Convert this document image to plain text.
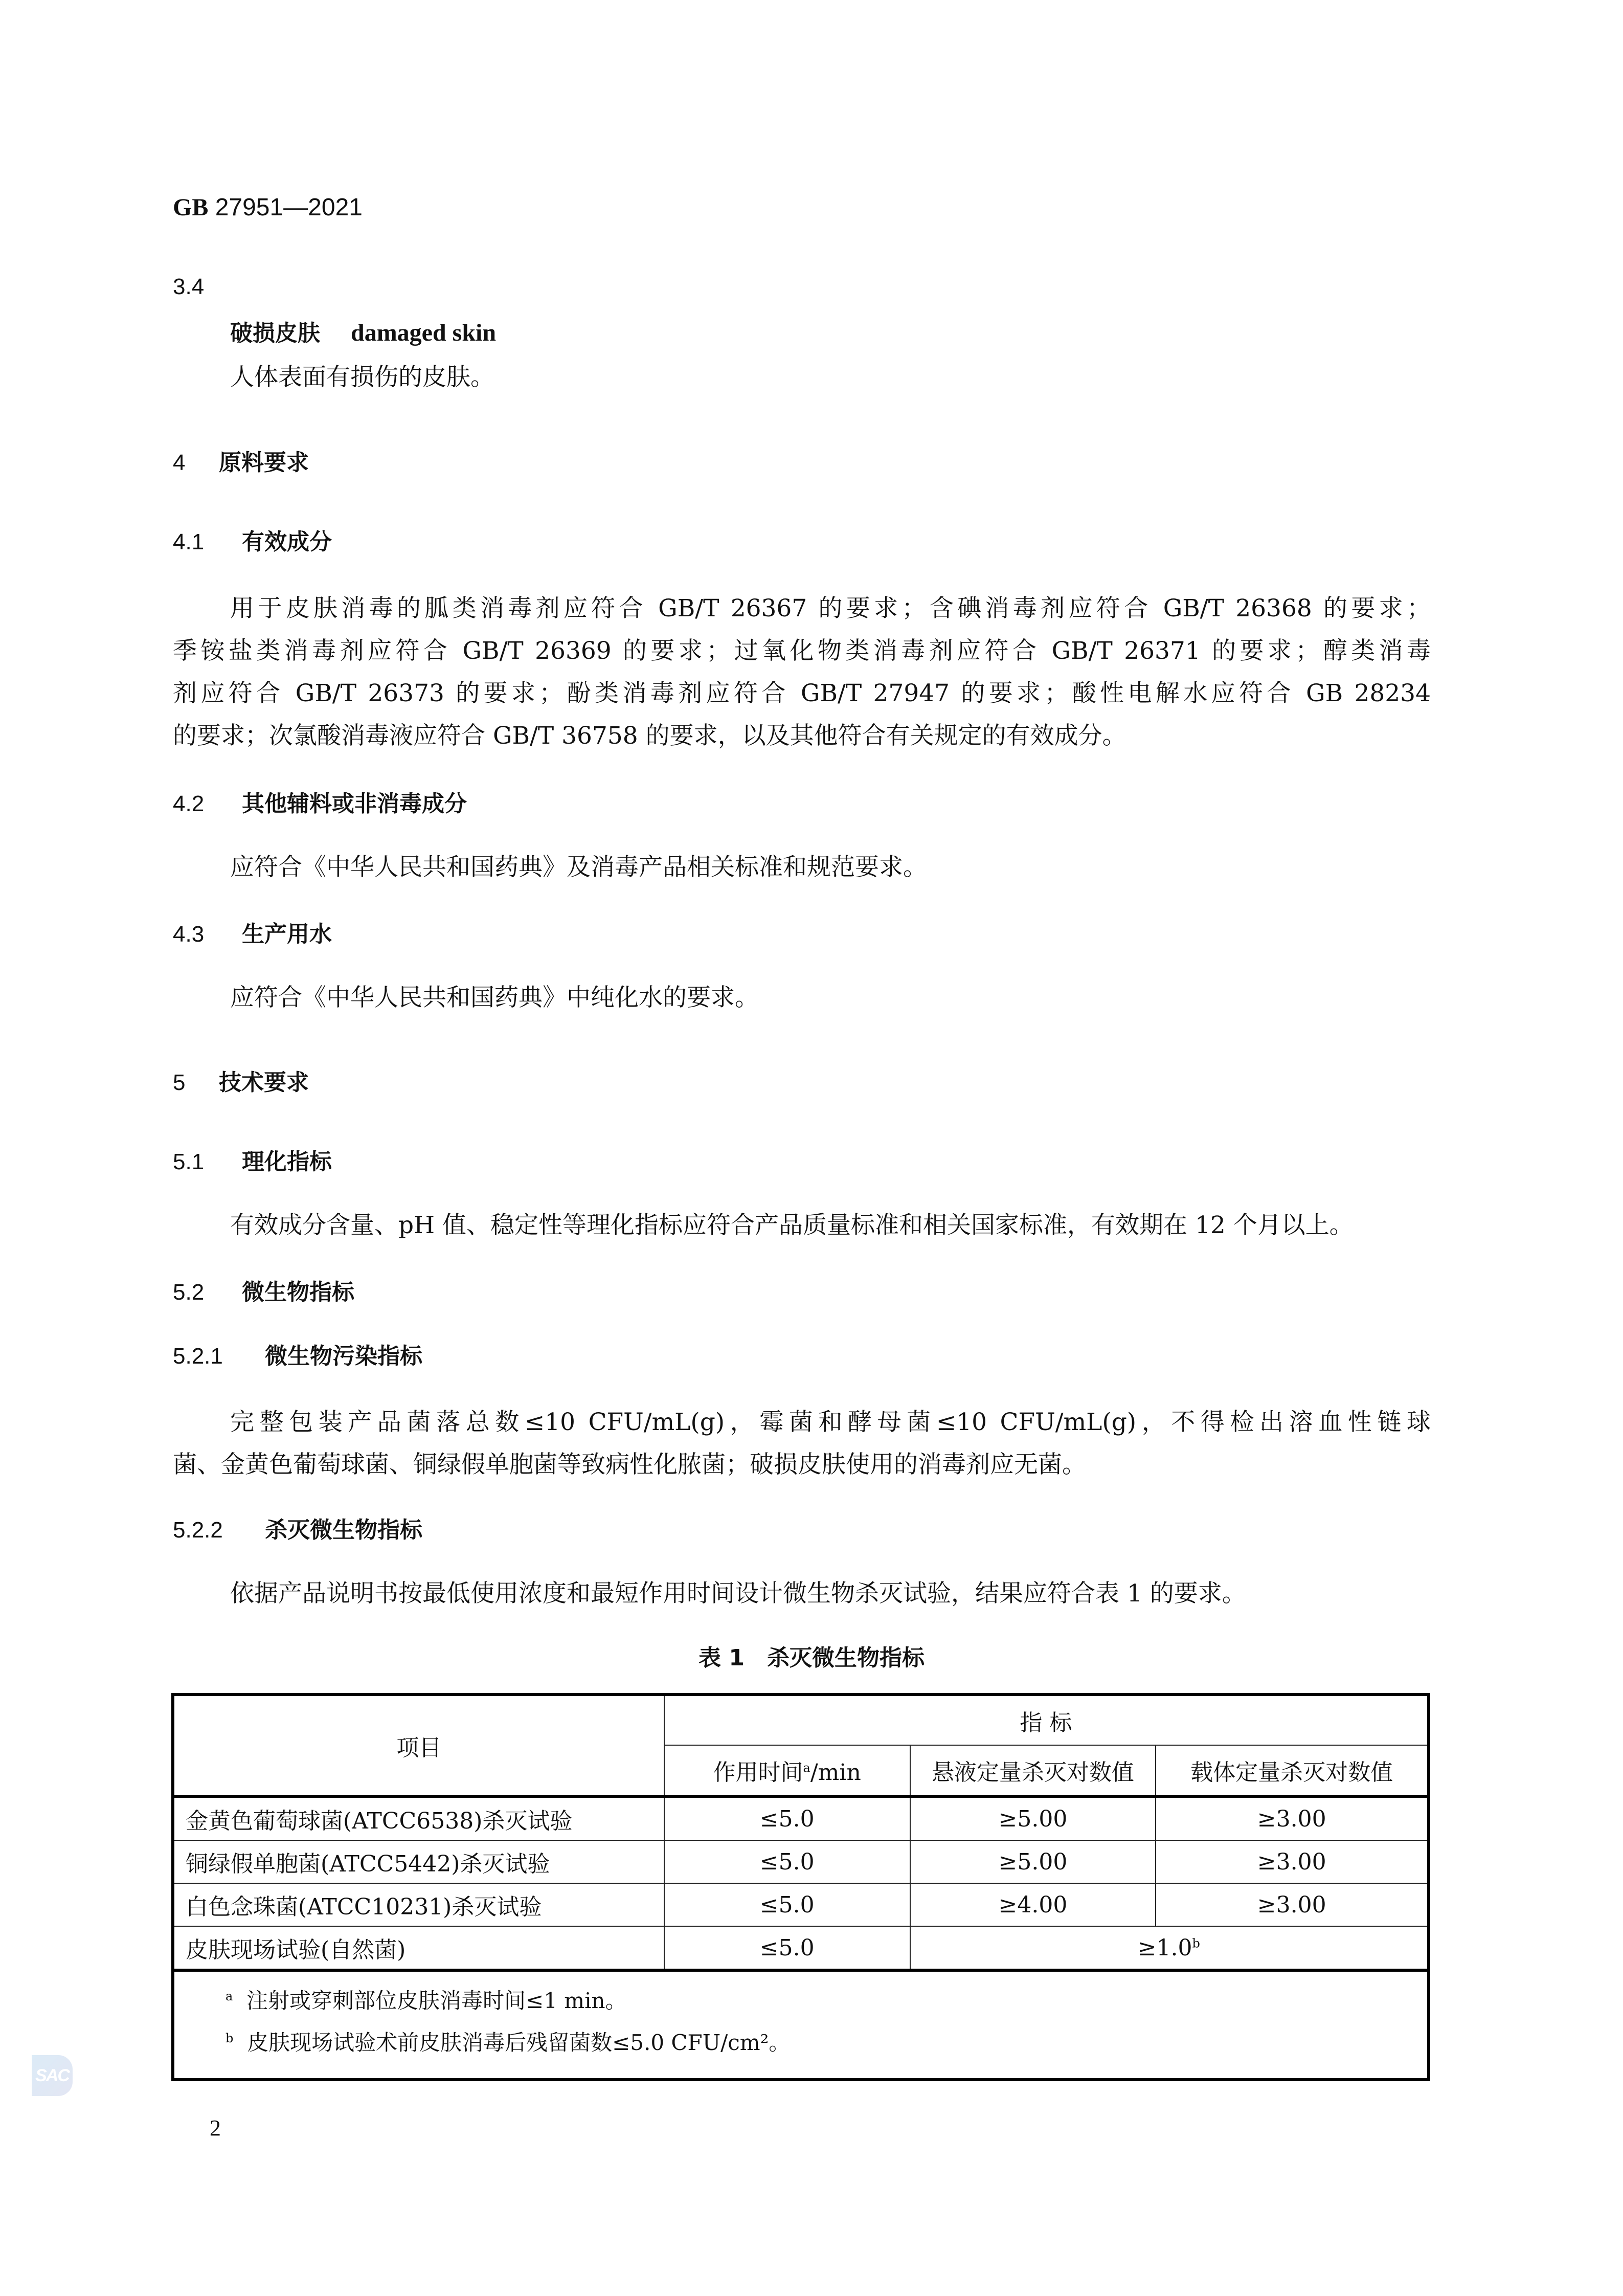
GB 27951—2021
3.4
破损皮肤 damaged skin
人体表面有损伤的皮肤。
4 原料要求
4.1 有效成分
用于皮肤消毒的胍类消毒剂应符合 GB/T 26367 的要求；含碘消毒剂应符合 GB/T 26368 的要求；
季铵盐类消毒剂应符合 GB/T 26369 的要求；过氧化物类消毒剂应符合 GB/T 26371 的要求；醇类消毒
剂应符合 GB/T 26373 的要求；酚类消毒剂应符合 GB/T 27947 的要求；酸性电解水应符合 GB 28234
的要求；次氯酸消毒液应符合 GB/T 36758 的要求，以及其他符合有关规定的有效成分。
4.2 其他辅料或非消毒成分
应符合《中华人民共和国药典》及消毒产品相关标准和规范要求。
4.3 生产用水
应符合《中华人民共和国药典》中纯化水的要求。
5 技术要求
5.1 理化指标
有效成分含量、pH 值、稳定性等理化指标应符合产品质量标准和相关国家标准，有效期在 12 个月以上。
5.2 微生物指标
5.2.1 微生物污染指标
完整包装产品菌落总数≤10 CFU/mL(g)，霉菌和酵母菌≤10 CFU/mL(g)，不得检出溶血性链球
菌、金黄色葡萄球菌、铜绿假单胞菌等致病性化脓菌；破损皮肤使用的消毒剂应无菌。
5.2.2 杀灭微生物指标
依据产品说明书按最低使用浓度和最短作用时间设计微生物杀灭试验，结果应符合表 1 的要求。
表 1　杀灭微生物指标
项目	指 标		
	作用时间$^a$/min	悬液定量杀灭对数值	载体定量杀灭对数值
金黄色葡萄球菌(ATCC6538)杀灭试验	≤5.0	≥5.00	≥3.00
铜绿假单胞菌(ATCC5442)杀灭试验	≤5.0	≥5.00	≥3.00
白色念珠菌(ATCC10231)杀灭试验	≤5.0	≥4.00	≥3.00
皮肤现场试验(自然菌)	≤5.0	≥1.0$^b$

$^a$ 注射或穿刺部位皮肤消毒时间≤1 min。
$^b$ 皮肤现场试验术前皮肤消毒后残留菌数≤5.0 CFU/cm²。			
SAC
2
